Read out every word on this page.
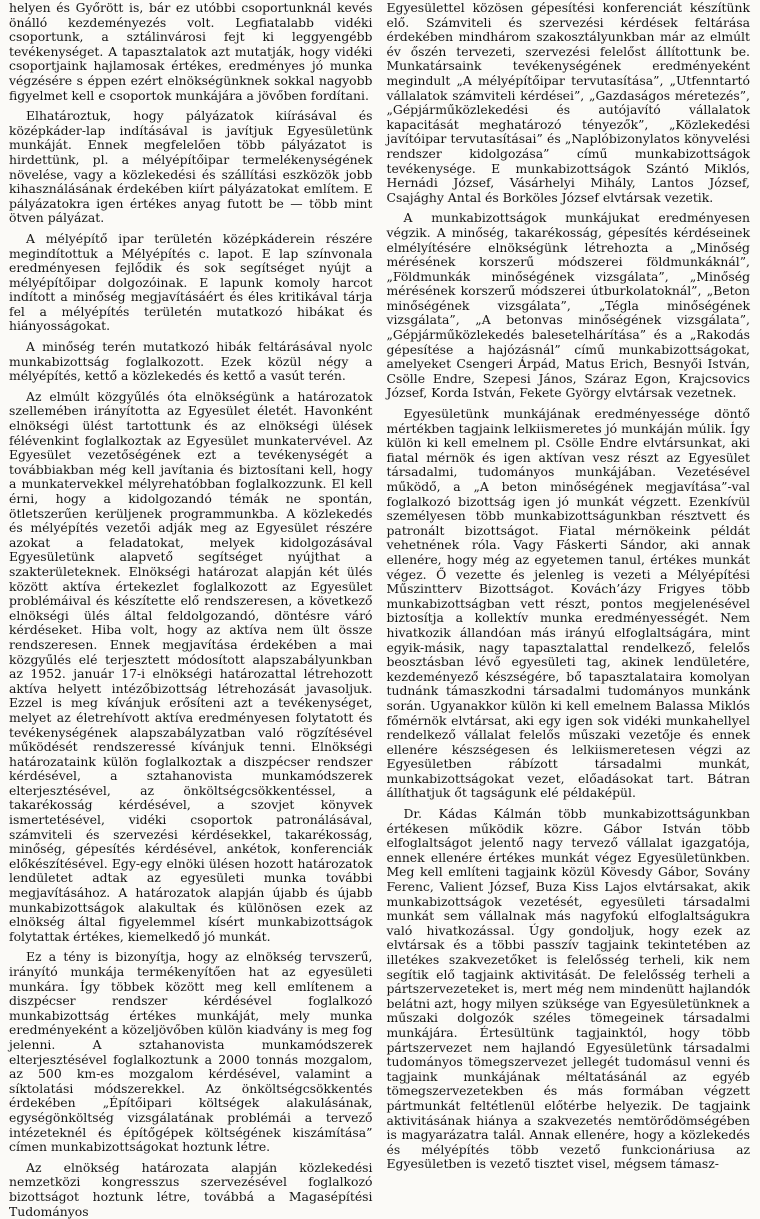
helyen és Győrött is, bár ez utóbbi csoportunknál kevés önálló kezdeményezés volt. Legfiatalabb vidéki csoportunk, a sztálinvárosi fejt ki leggyengébb tevékenységet. A tapasztalatok azt mutatják, hogy vidéki csoportjaink hajlamosak értékes, eredményes jó munka végzésére s éppen ezért elnökségünknek sokkal nagyobb figyelmet kell e csoportok munkájára a jövőben fordítani.

Elhatároztuk, hogy pályázatok kiírásával és középkáder-lap indításával is javítjuk Egyesületünk munkáját. Ennek megfelelően több pályázatot is hirdettünk, pl. a mélyépítőipar termelékenységének növelése, vagy a közlekedési és szállítási eszközök jobb kihasználásának érdekében kiírt pályázatokat említem. E pályázatokra igen értékes anyag futott be — több mint ötven pályázat.

A mélyépítő ipar területén középkáderein részére megindítottuk a Mélyépítés c. lapot. E lap színvonala eredményesen fejlődik és sok segítséget nyújt a mélyépítőipar dolgozóinak. E lapunk komoly harcot indított a minőség megjavításáért és éles kritikával tárja fel a mélyépítés területén mutatkozó hibákat és hiányosságokat.

A minőség terén mutatkozó hibák feltárásával nyolc munkabizottság foglalkozott. Ezek közül négy a mélyépítés, kettő a közlekedés és kettő a vasút terén.

Az elmúlt közgyűlés óta elnökségünk a határozatok szellemében irányította az Egyesület életét. Havonként elnökségi ülést tartottunk és az elnökségi ülések félévenkint foglalkoztak az Egyesület munkatervével. Az Egyesület vezetőségének ezt a tevékenységét a továbbiakban még kell javítania és biztosítani kell, hogy a munkatervekkel mélyrehatóbban foglalkozzunk. El kell érni, hogy a kidolgozandó témák ne spontán, ötletszerűen kerüljenek programmunkba. A közlekedés és mélyépítés vezetői adják meg az Egyesület részére azokat a feladatokat, melyek kidolgozásával Egyesületünk alapvető segítséget nyújthat a szakterületeknek. Elnökségi határozat alapján két ülés között aktíva értekezlet foglalkozott az Egyesület problémáival és készítette elő rendszeresen, a következő elnökségi ülés által feldolgozandó, döntésre váró kérdéseket. Hiba volt, hogy az aktíva nem ült össze rendszeresen. Ennek megjavítása érdekében a mai közgyűlés elé terjesztett módosított alapszabályunkban az 1952. január 17-i elnökségi határozattal létrehozott aktíva helyett intézőbizottság létrehozását javasoljuk. Ezzel is meg kívánjuk erősíteni azt a tevékenységet, melyet az életrehívott aktíva eredményesen folytatott és tevékenységének alapszabályzatban való rögzítésével működését rendszeressé kívánjuk tenni. Elnökségi határozataink külön foglalkoztak a diszpécser rendszer kérdésével, a sztahanovista munkamódszerek elterjesztésével, az önköltségcsökkentéssel, a takarékosság kérdésével, a szovjet könyvek ismertetésével, vidéki csoportok patronálásával, számviteli és szervezési kérdésekkel, takarékosság, minőség, gépesítés kérdésével, ankétok, konferenciák előkészítésével. Egy-egy elnöki ülésen hozott határozatok lendületet adtak az egyesületi munka további megjavításához. A határozatok alapján újabb és újabb munkabizottságok alakultak és különösen ezek az elnökség által figyelemmel kísért munkabizottságok folytattak értékes, kiemelkedő jó munkát.

Ez a tény is bizonyítja, hogy az elnökség tervszerű, irányító munkája termékenyítően hat az egyesületi munkára. Így többek között meg kell említenem a diszpécser rendszer kérdésével foglalkozó munkabizottság értékes munkáját, mely munka eredményeként a közeljövőben külön kiadvány is meg fog jelenni. A sztahanovista munkamódszerek elterjesztésével foglalkoztunk a 2000 tonnás mozgalom, az 500 km-es mozgalom kérdésével, valamint a síktolatási módszerekkel. Az önköltségcsökkentés érdekében „Építőipari költségek alakulásának, egységönköltség vizsgálatának problémái a tervező intézeteknél és építőgépek költségének kiszámítása” címen munkabizottságokat hoztunk létre.

Az elnökség határozata alapján közlekedési nemzetközi kongresszus szervezésével foglalkozó bizottságot hoztunk létre, továbbá a Magasépítési Tudományos

Egyesülettel közösen gépesítési konferenciát készítünk elő. Számviteli és szervezési kérdések feltárása érdekében mindhárom szakosztályunkban már az elmúlt év őszén tervezeti, szervezési felelőst állítottunk be. Munkatársaink tevékenységének eredményeként megindult „A mélyépítőipar tervutasítása”, „Utfenntartó vállalatok számviteli kérdései”, „Gazdaságos méretezés”, „Gépjárműközlekedési és autójavító vállalatok kapacitását meghatározó tényezők”, „Közlekedési javítóipar tervutasításai” és „Naplóbizonylatos könyvelési rendszer kidolgozása” című munkabizottságok tevékenysége. E munkabizottságok Szántó Miklós, Hernádi József, Vásárhelyi Mihály, Lantos József, Csajághy Antal és Borköles József elvtársak vezetik.

A munkabizottságok munkájukat eredményesen végzik. A minőség, takarékosság, gépesítés kérdéseinek elmélyítésére elnökségünk létrehozta a „Minőség mérésének korszerű módszerei földmunkáknál”, „Földmunkák minőségének vizsgálata”, „Minőség mérésének korszerű módszerei útburkolatoknál”, „Beton minőségének vizsgálata”, „Tégla minőségének vizsgálata”, „A betonvas minőségének vizsgálata”, „Gépjárműközlekedés balesetelhárítása” és a „Rakodás gépesítése a hajózásnál” című munkabizottságokat, amelyeket Csengeri Árpád, Matus Erich, Besnyői István, Csölle Endre, Szepesi János, Száraz Egon, Krajcsovics József, Korda István, Fekete György elvtársak vezetnek.

Egyesületünk munkájának eredményessége döntő mértékben tagjaink lelkiismeretes jó munkáján múlik. Így külön ki kell emelnem pl. Csölle Endre elvtársunkat, aki fiatal mérnök és igen aktívan vesz részt az Egyesület társadalmi, tudományos munkájában. Vezetésével működő, a „A beton minőségének megjavítása”-val foglalkozó bizottság igen jó munkát végzett. Ezenkívül személyesen több munkabizottságunkban résztvett és patronált bizottságot. Fiatal mérnökeink példát vehetnének róla. Vagy Fáskerti Sándor, aki annak ellenére, hogy még az egyetemen tanul, értékes munkát végez. Ő vezette és jelenleg is vezeti a Mélyépítési Műszintterv Bizottságot. Kovách’ázy Frigyes több munkabizottságban vett részt, pontos megjelenésével biztosítja a kollektív munka eredményességét. Nem hivatkozik állandóan más irányú elfoglaltságára, mint egyik-másik, nagy tapasztalattal rendelkező, felelős beosztásban lévő egyesületi tag, akinek lendületére, kezdeményező készségére, bő tapasztalataira komolyan tudnánk támaszkodni társadalmi tudományos munkánk során. Ugyanakkor külön ki kell emelnem Balassa Miklós főmérnök elvtársat, aki egy igen sok vidéki munkahellyel rendelkező vállalat felelős műszaki vezetője és ennek ellenére készségesen és lelkiismeretesen végzi az Egyesületben rábízott társadalmi munkát, munkabizottságokat vezet, előadásokat tart. Bátran állíthatjuk őt tagságunk elé példaképül.

Dr. Kádas Kálmán több munkabizottságunkban értékesen működik közre. Gábor István több elfoglaltságot jelentő nagy tervező vállalat igazgatója, ennek ellenére értékes munkát végez Egyesületünkben. Meg kell említeni tagjaink közül Kövesdy Gábor, Sovány Ferenc, Valient József, Buza Kiss Lajos elvtársakat, akik munkabizottságok vezetését, egyesületi társadalmi munkát sem vállalnak más nagyfokú elfoglaltságukra való hivatkozással. Úgy gondoljuk, hogy ezek az elvtársak és a többi passzív tagjaink tekintetében az illetékes szakvezetőket is felelősség terheli, kik nem segítik elő tagjaink aktivitását. De felelősség terheli a pártszervezeteket is, mert még nem mindenütt hajlandók belátni azt, hogy milyen szüksége van Egyesületünknek a műszaki dolgozók széles tömegeinek társadalmi munkájára. Értesültünk tagjainktól, hogy több pártszervezet nem hajlandó Egyesületünk társadalmi tudományos tömegszervezet jellegét tudomásul venni és tagjaink munkájának méltatásánál az egyéb tömegszervezetekben és más formában végzett pártmunkát feltétlenül előtérbe helyezik. De tagjaink aktivitásának hiánya a szakvezetés nemtörődömségében is magyarázatra talál. Annak ellenére, hogy a közlekedés és mélyépítés több vezető funkcionáriusa az Egyesületben is vezető tisztet visel, mégsem támasz-
